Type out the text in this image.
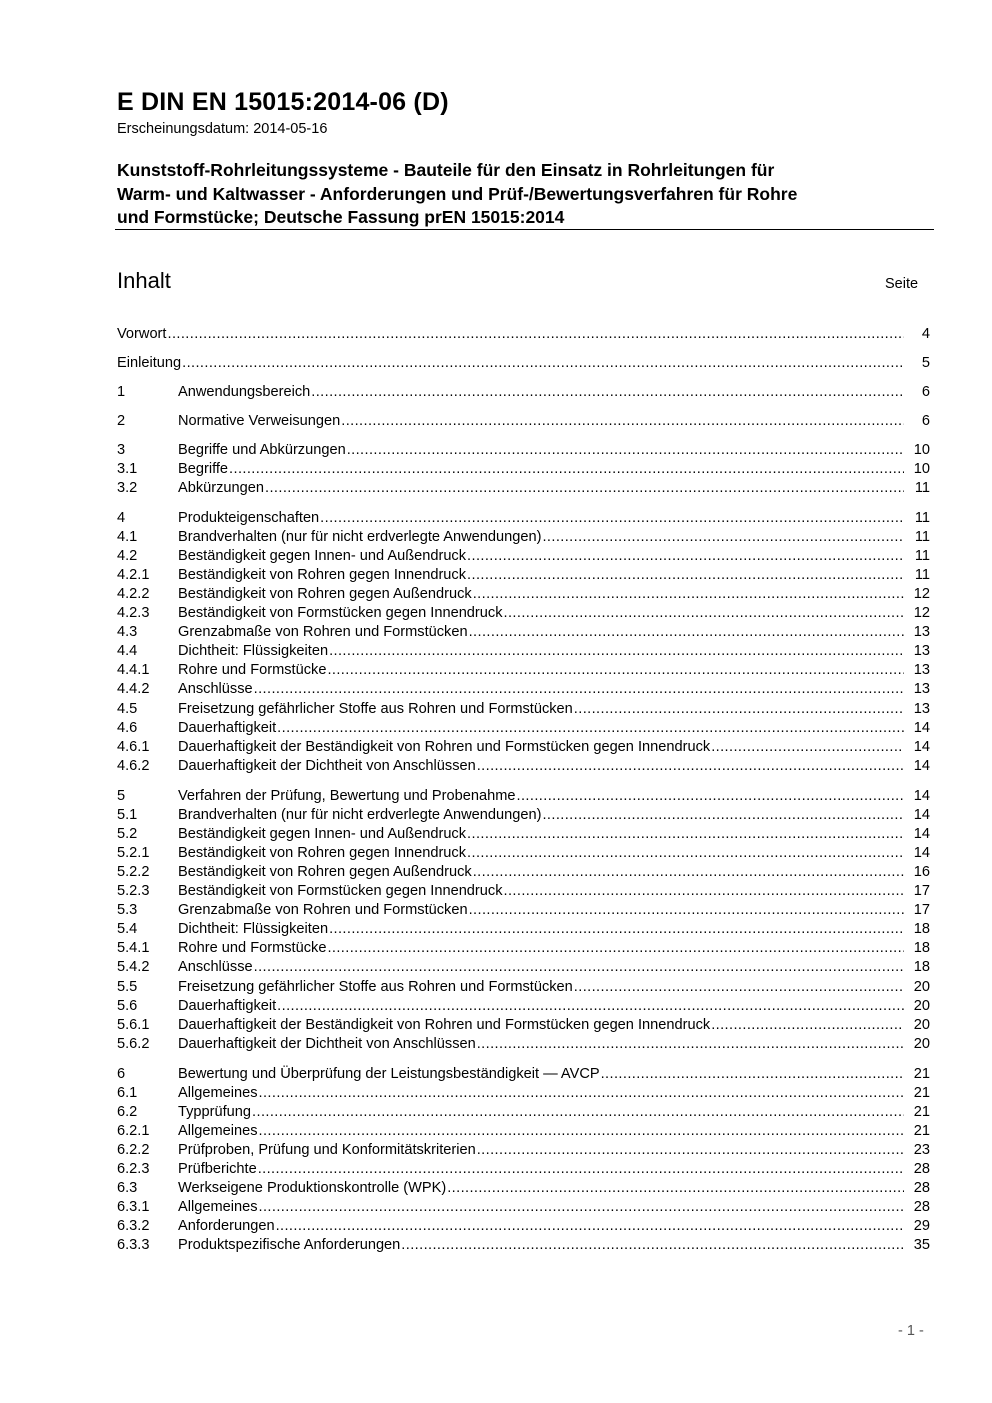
E DIN EN 15015:2014-06 (D)
Erscheinungsdatum: 2014-05-16
Kunststoff-Rohrleitungssysteme - Bauteile für den Einsatz in Rohrleitungen für
Warm- und Kaltwasser - Anforderungen und Prüf-/Bewertungsverfahren für Rohre
und Formstücke; Deutsche Fassung prEN 15015:2014
Inhalt	Seite
Vorwort .....	4
Einleitung .....	5
1	Anwendungsbereich .....	6
2	Normative Verweisungen .....	6
3	Begriffe und Abkürzungen .....	10
3.1	Begriffe .....	10
3.2	Abkürzungen .....	11
4	Produkteigenschaften .....	11
4.1	Brandverhalten (nur für nicht erdverlegte Anwendungen) .....	11
4.2	Beständigkeit gegen Innen- und Außendruck .....	11
4.2.1 Beständigkeit von Rohren gegen Innendruck .....	11
4.2.2 Beständigkeit von Rohren gegen Außendruck .....	12
4.2.3 Beständigkeit von Formstücken gegen Innendruck .....	12
4.3	Grenzabmaße von Rohren und Formstücken .....	13
4.4	Dichtheit: Flüssigkeiten .....	13
4.4.1 Rohre und Formstücke .....	13
4.4.2 Anschlüsse .....	13
4.5	Freisetzung gefährlicher Stoffe aus Rohren und Formstücken .....	13
4.6	Dauerhaftigkeit .....	14
4.6.1 Dauerhaftigkeit der Beständigkeit von Rohren und Formstücken gegen Innendruck .....	14
4.6.2 Dauerhaftigkeit der Dichtheit von Anschlüssen .....	14
5	Verfahren der Prüfung, Bewertung und Probenahme .....	14
5.1	Brandverhalten (nur für nicht erdverlegte Anwendungen) .....	14
5.2	Beständigkeit gegen Innen- und Außendruck .....	14
5.2.1 Beständigkeit von Rohren gegen Innendruck .....	14
5.2.2 Beständigkeit von Rohren gegen Außendruck .....	16
5.2.3 Beständigkeit von Formstücken gegen Innendruck .....	17
5.3	Grenzabmaße von Rohren und Formstücken .....	17
5.4	Dichtheit: Flüssigkeiten .....	18
5.4.1 Rohre und Formstücke .....	18
5.4.2 Anschlüsse .....	18
5.5	Freisetzung gefährlicher Stoffe aus Rohren und Formstücken .....	20
5.6	Dauerhaftigkeit .....	20
5.6.1 Dauerhaftigkeit der Beständigkeit von Rohren und Formstücken gegen Innendruck .....	20
5.6.2 Dauerhaftigkeit der Dichtheit von Anschlüssen .....	20
6	Bewertung und Überprüfung der Leistungsbeständigkeit — AVCP .....	21
6.1	Allgemeines .....	21
6.2	Typprüfung .....	21
6.2.1 Allgemeines .....	21
6.2.2 Prüfproben, Prüfung und Konformitätskriterien .....	23
6.2.3 Prüfberichte .....	28
6.3	Werkseigene Produktionskontrolle (WPK) .....	28
6.3.1 Allgemeines .....	28
6.3.2 Anforderungen .....	29
6.3.3 Produktspezifische Anforderungen .....	35
- 1 -
